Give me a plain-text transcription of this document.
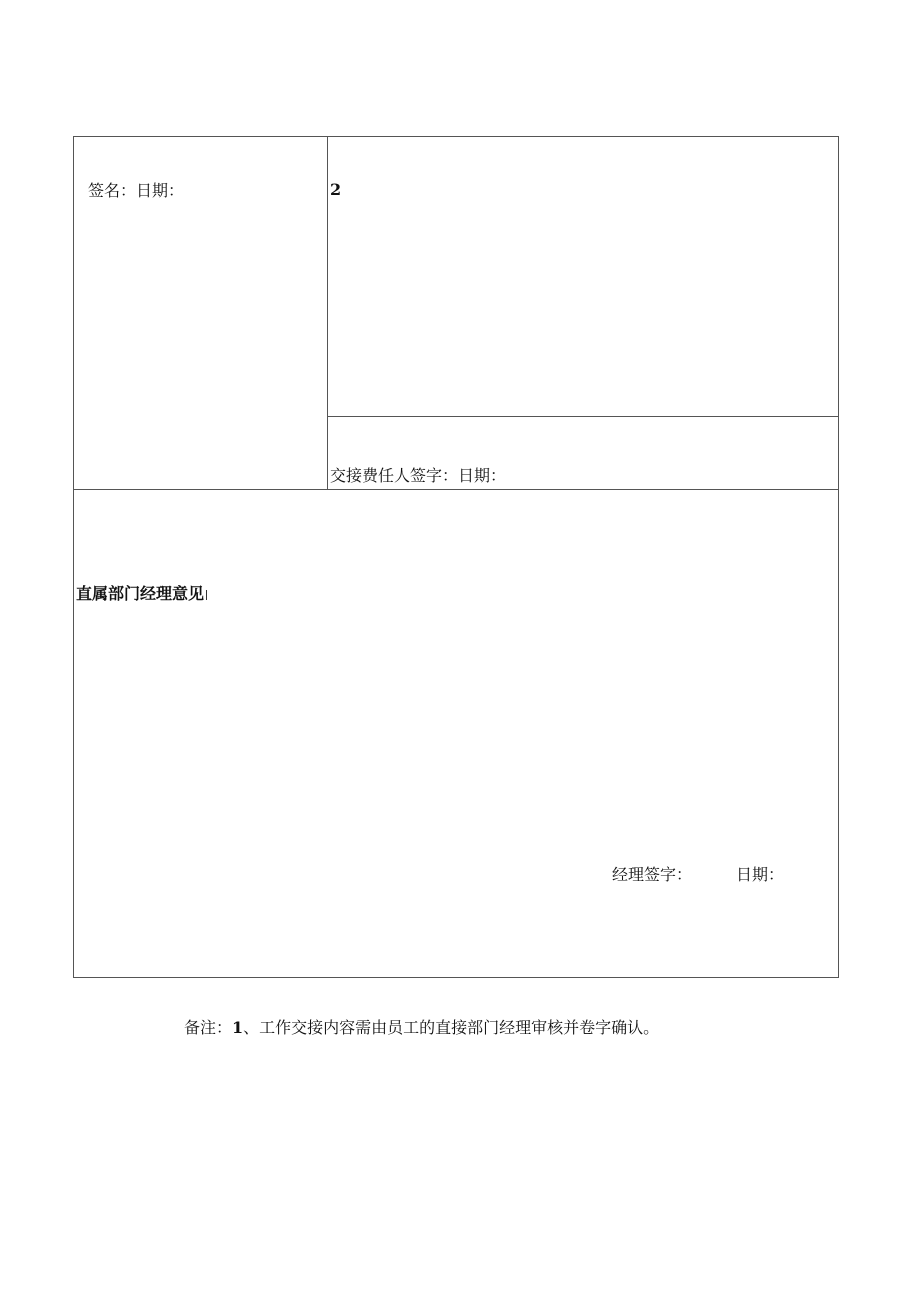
签名：日期：	2
交接费任人签字：日期：
直属部门经理意见
经理签字：	日期：
备注：1、工作交接内容需由员工的直接部门经理审核并卷字确认。
